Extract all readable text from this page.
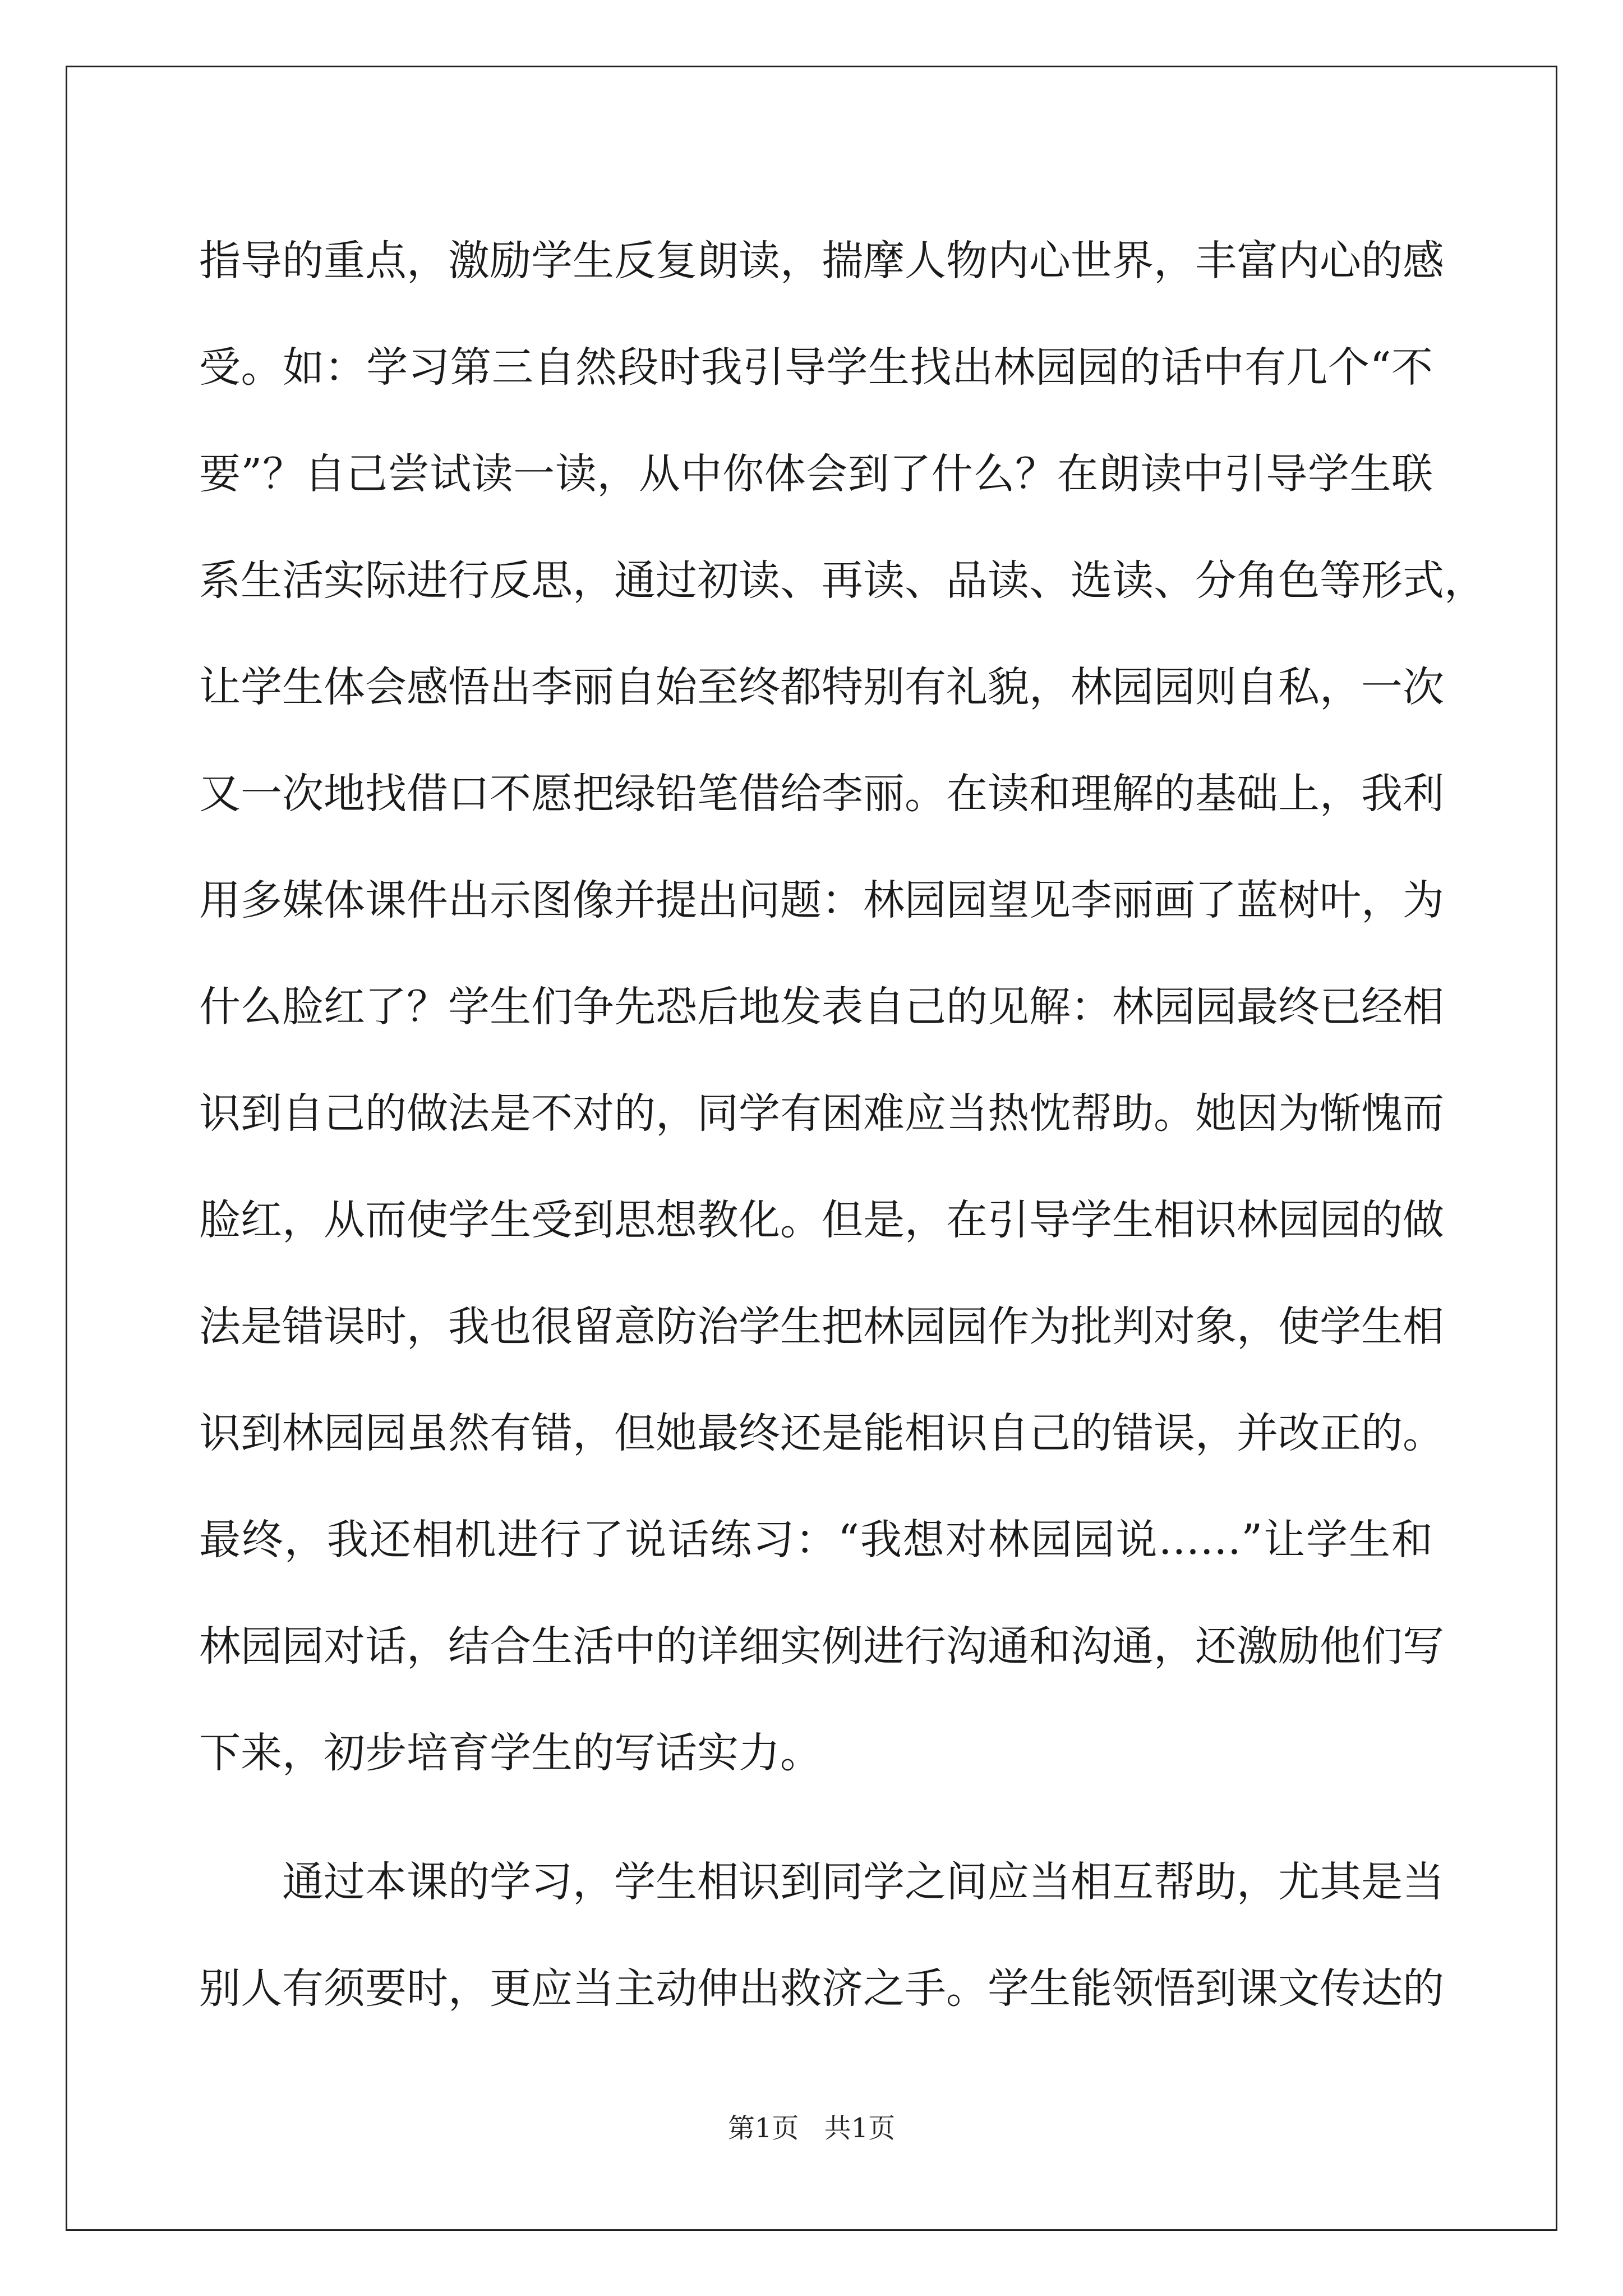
指导的重点，激励学生反复朗读，揣摩人物内心世界，丰富内心的感
受。如：学习第三自然段时我引导学生找出林园园的话中有几个“不
要”？自己尝试读一读，从中你体会到了什么？在朗读中引导学生联
系生活实际进行反思，通过初读、再读、品读、选读、分角色等形式，
让学生体会感悟出李丽自始至终都特别有礼貌，林园园则自私，一次
又一次地找借口不愿把绿铅笔借给李丽。在读和理解的基础上，我利
用多媒体课件出示图像并提出问题：林园园望见李丽画了蓝树叶，为
什么脸红了？学生们争先恐后地发表自己的见解：林园园最终已经相
识到自己的做法是不对的，同学有困难应当热忱帮助。她因为惭愧而
脸红，从而使学生受到思想教化。但是，在引导学生相识林园园的做
法是错误时，我也很留意防治学生把林园园作为批判对象，使学生相
识到林园园虽然有错，但她最终还是能相识自己的错误，并改正的。
最终，我还相机进行了说话练习：“我想对林园园说……”让学生和
林园园对话，结合生活中的详细实例进行沟通和沟通，还激励他们写
下来，初步培育学生的写话实力。
通过本课的学习，学生相识到同学之间应当相互帮助，尤其是当
别人有须要时，更应当主动伸出救济之手。学生能领悟到课文传达的
第1页 共1页
